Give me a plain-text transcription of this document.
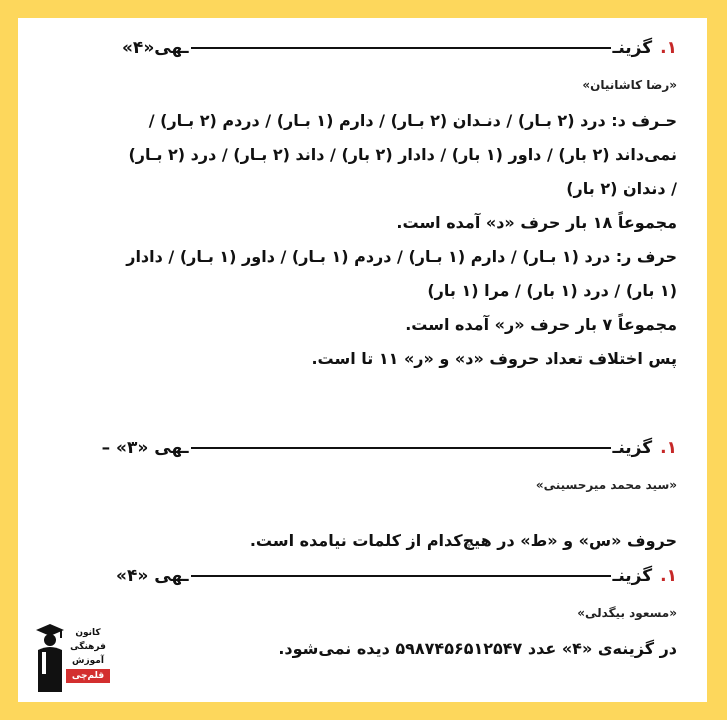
۱.
گزینـ
ـهی«۴»
«رضا کاشانیان»

حـرف د: درد (۲ بـار) / دنـدان (۲ بـار) / دارم (۱ بـار) / دردم (۲ بـار) /

نمی‌داند (۲ بار) / داور (۱ بار) / دادار (۲ بار) / داند (۲ بـار) / درد (۲ بـار)

/ دندان (۲ بار)

مجموعاً ۱۸ بار حرف «د» آمده است.

حرف ر: درد (۱ بـار) / دارم (۱ بـار) / دردم (۱ بـار) / داور (۱ بـار) / دادار

(۱ بار) / درد (۱ بار) / مرا (۱ بار)

مجموعاً ۷ بار حرف «ر» آمده است.

پس اختلاف تعداد حروف «د» و «ر» ۱۱ تا است.

۱.
گزینـ
ـهی «۳» –
«سید محمد میرحسینی»

حروف «س» و «ط» در هیچ‌کدام از کلمات نیامده است.

۱.
گزینـ
ـهی «۴»
«مسعود بیگدلی»

در گزینه‌ی «۴» عدد ۵۹۸۷۴۵۶۵۱۲۵۴۷ دیده نمی‌شود.

کانون
فرهنگی
آموزش
قلم‌چی
